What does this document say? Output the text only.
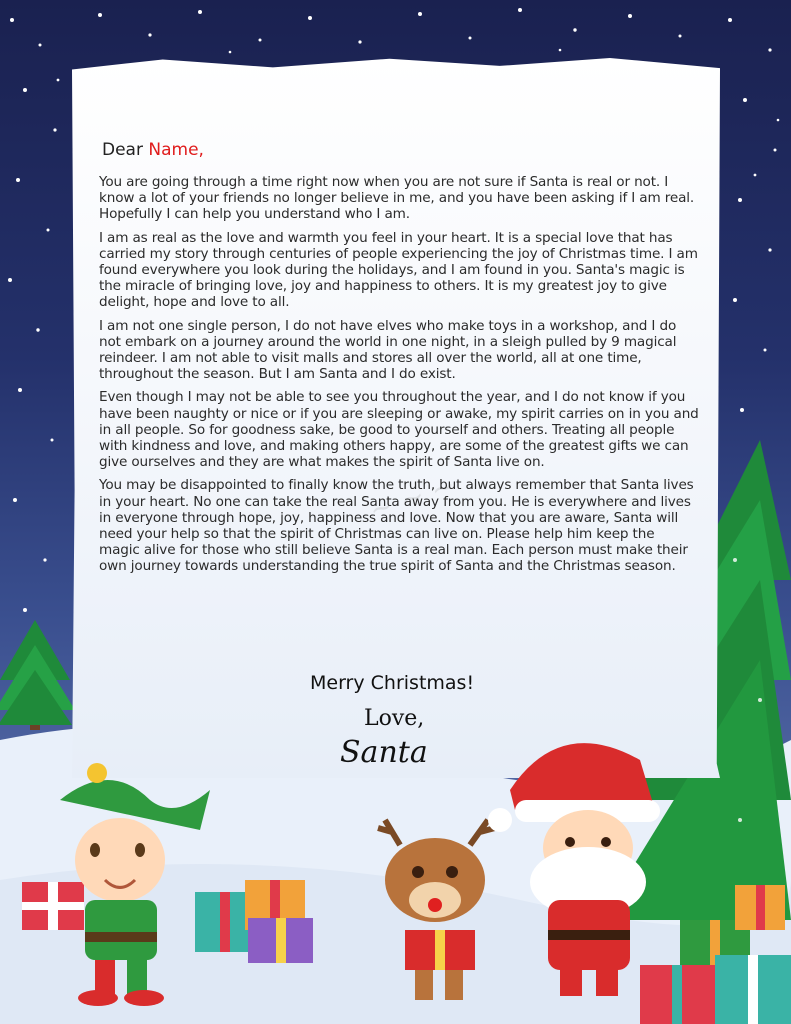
~ ~ ~
Dear Name,

You are going through a time right now when you are not sure if Santa is real or not. I know a lot of your friends no longer believe in me, and you have been asking if I am real. Hopefully I can help you understand who I am.

I am as real as the love and warmth you feel in your heart. It is a special love that has carried my story through centuries of people experiencing the joy of Christmas time. I am found everywhere you look during the holidays, and I am found in you. Santa's magic is the miracle of bringing love, joy and happiness to others. It is my greatest joy to give delight, hope and love to all.

I am not one single person, I do not have elves who make toys in a workshop, and I do not embark on a journey around the world in one night, in a sleigh pulled by 9 magical reindeer. I am not able to visit malls and stores all over the world, all at one time, throughout the season. But I am Santa and I do exist.

Even though I may not be able to see you throughout the year, and I do not know if you have been naughty or nice or if you are sleeping or awake, my spirit carries on in you and in all people. So for goodness sake, be good to yourself and others. Treating all people with kindness and love, and making others happy, are some of the greatest gifts we can give ourselves and they are what makes the spirit of Santa live on.

You may be disappointed to finally know the truth, but always remember that Santa lives in your heart. No one can take the real Santa away from you. He is everywhere and lives in everyone through hope, joy, happiness and love. Now that you are aware, Santa will need your help so that the spirit of Christmas can live on. Please help him keep the magic alive for those who still believe Santa is a real man. Each person must make their own journey towards understanding the true spirit of Santa and the Christmas season.

Merry Christmas!
Love,
Santa
